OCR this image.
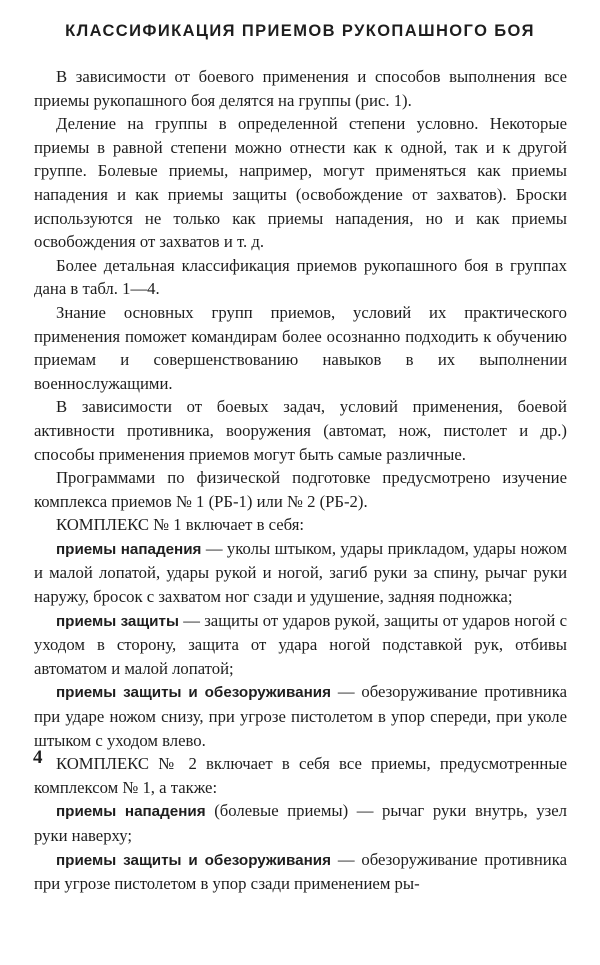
КЛАССИФИКАЦИЯ ПРИЕМОВ РУКОПАШНОГО БОЯ

В зависимости от боевого применения и способов выполнения все приемы рукопашного боя делятся на группы (рис. 1).

Деление на группы в определенной степени условно. Некоторые приемы в равной степени можно отнести как к одной, так и к другой группе. Болевые приемы, например, могут применяться как приемы нападения и как приемы защиты (освобождение от захватов). Броски используются не только как приемы нападения, но и как приемы освобождения от захватов и т. д.

Более детальная классификация приемов рукопашного боя в группах дана в табл. 1—4.

Знание основных групп приемов, условий их практического применения поможет командирам более осознанно подходить к обучению приемам и совершенствованию навыков в их выполнении военнослужащими.

В зависимости от боевых задач, условий применения, боевой активности противника, вооружения (автомат, нож, пистолет и др.) способы применения приемов могут быть самые различные.

Программами по физической подготовке предусмотрено изучение комплекса приемов № 1 (РБ-1) или № 2 (РБ-2).

КОМПЛЕКС № 1 включает в себя:

приемы нападения — уколы штыком, удары прикладом, удары ножом и малой лопатой, удары рукой и ногой, загиб руки за спину, рычаг руки наружу, бросок с захватом ног сзади и удушение, задняя подножка;

приемы защиты — защиты от ударов рукой, защиты от ударов ногой с уходом в сторону, защита от удара ногой подставкой рук, отбивы автоматом и малой лопатой;

приемы защиты и обезоруживания — обезоруживание противника при ударе ножом снизу, при угрозе пистолетом в упор спереди, при уколе штыком с уходом влево.

КОМПЛЕКС № 2 включает в себя все приемы, предусмотренные комплексом № 1, а также:

приемы нападения (болевые приемы) — рычаг руки внутрь, узел руки наверху;

приемы защиты и обезоруживания — обезоруживание противника при угрозе пистолетом в упор сзади применением ры-

4
